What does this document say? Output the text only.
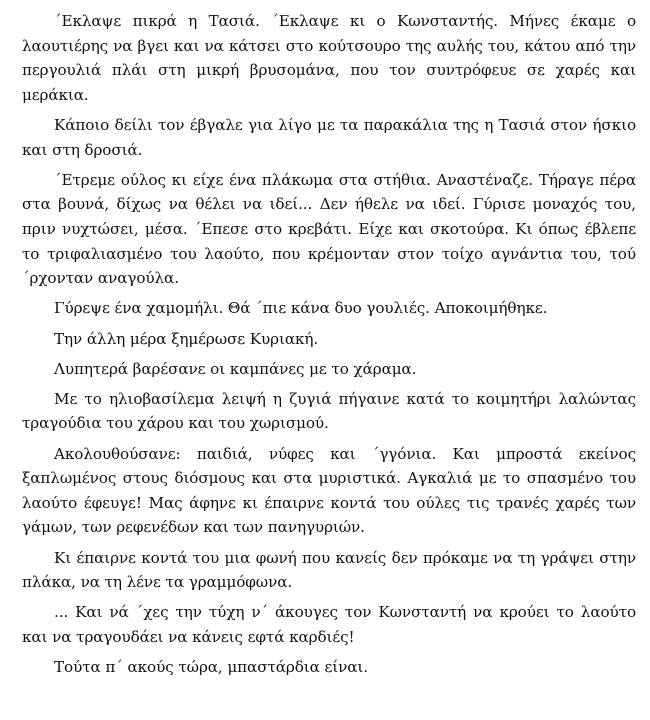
΄Εκλαψε πικρά η Τασιά. ΄Εκλαψε κι ο Κωνσταντής. Μήνες έκαμε ο λαουτιέρης να βγει και να κάτσει στο κούτσουρο της αυλής του, κάτου από την περγουλιά πλάι στη μικρή βρυσομάνα, που τον συντρόφευε σε χαρές και μεράκια.

Κάποιο δείλι τον έβγαλε για λίγο με τα παρακάλια της η Τασιά στον ήσκιο και στη δροσιά.

΄Ετρεμε ούλος κι είχε ένα πλάκωμα στα στήθια. Αναστέναζε. Τήραγε πέρα στα βουνά, δίχως να θέλει να ιδεί... Δεν ήθελε να ιδεί. Γύρισε μοναχός του, πριν νυχτώσει, μέσα. ΄Επεσε στο κρεβάτι. Είχε και σκοτούρα. Κι όπως έβλεπε το τριφαλιασμένο του λαούτο, που κρέμονταν στον τοίχο αγνάντια του, τού ΄ρχονταν αναγούλα.

Γύρεψε ένα χαμομήλι. Θά ΄πιε κάνα δυο γουλιές. Αποκοιμήθηκε.

Την άλλη μέρα ξημέρωσε Κυριακή.

Λυπητερά βαρέσανε οι καμπάνες με το χάραμα.

Με το ηλιοβασίλεμα λειψή η ζυγιά πήγαινε κατά το κοιμητήρι λαλώντας τραγούδια του χάρου και του χωρισμού.

Ακολουθούσανε: παιδιά, νύφες και ΄γγόνια. Και μπροστά εκείνος ξαπλωμένος στους διόσμους και στα μυριστικά. Αγκαλιά με το σπασμένο του λαούτο έφευγε! Μας άφηνε κι έπαιρνε κοντά του ούλες τις τρανές χαρές των γάμων, των ρεφενέδων και των πανηγυριών.

Κι έπαιρνε κοντά του μια φωνή που κανείς δεν πρόκαμε να τη γράψει στην πλάκα, να τη λένε τα γραμμόφωνα.

... Και νά ΄χες την τύχη ν΄ άκουγες τον Κωνσταντή να κρούει το λαούτο και να τραγουδάει να κάνεις εφτά καρδιές!

Τούτα π΄ ακούς τώρα, μπαστάρδια είναι.
